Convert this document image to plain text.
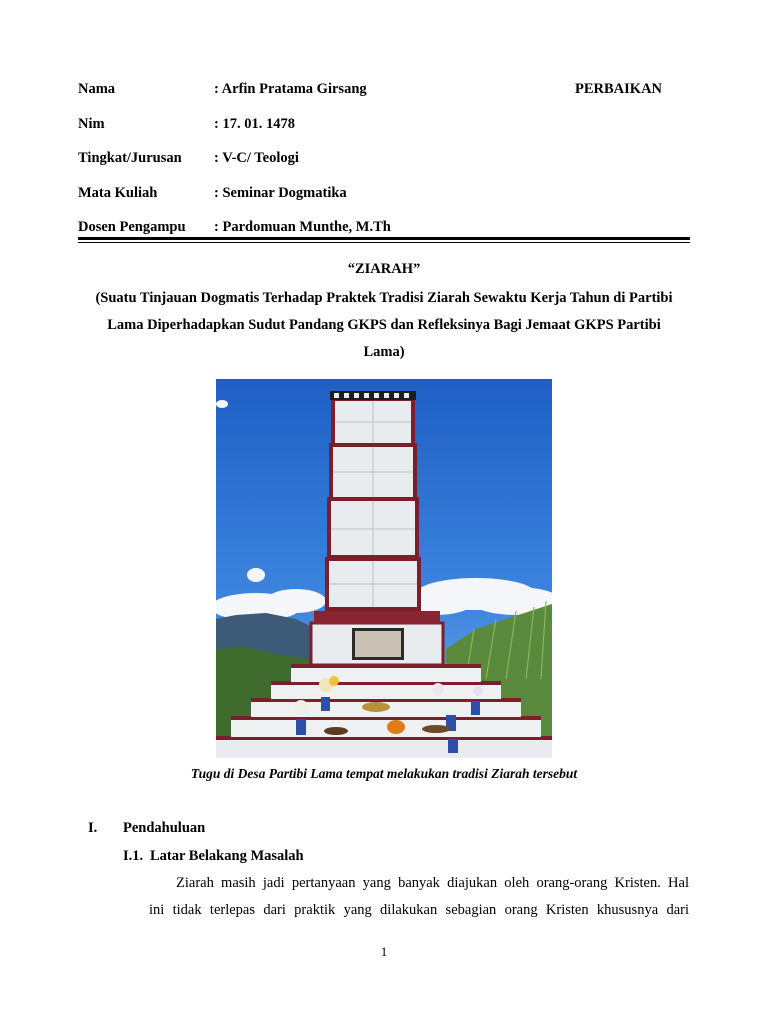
Nama	: Arfin Pratama Girsang	PERBAIKAN
Nim	: 17. 01. 1478
Tingkat/Jurusan	: V-C/ Teologi
Mata Kuliah	: Seminar Dogmatika
Dosen Pengampu	: Pardomuan Munthe, M.Th
“ZIARAH”
(Suatu Tinjauan Dogmatis Terhadap Praktek Tradisi Ziarah Sewaktu Kerja Tahun di Partibi
Lama Diperhadapkan Sudut Pandang GKPS dan Refleksinya Bagi Jemaat GKPS Partibi
Lama)
Tugu di Desa Partibi Lama tempat melakukan tradisi Ziarah tersebut
I. Pendahuluan
I.1. Latar Belakang Masalah
Ziarah masih jadi pertanyaan yang banyak diajukan oleh orang-orang Kristen. Hal
ini tidak terlepas dari praktik yang dilakukan sebagian orang Kristen khususnya dari
1
